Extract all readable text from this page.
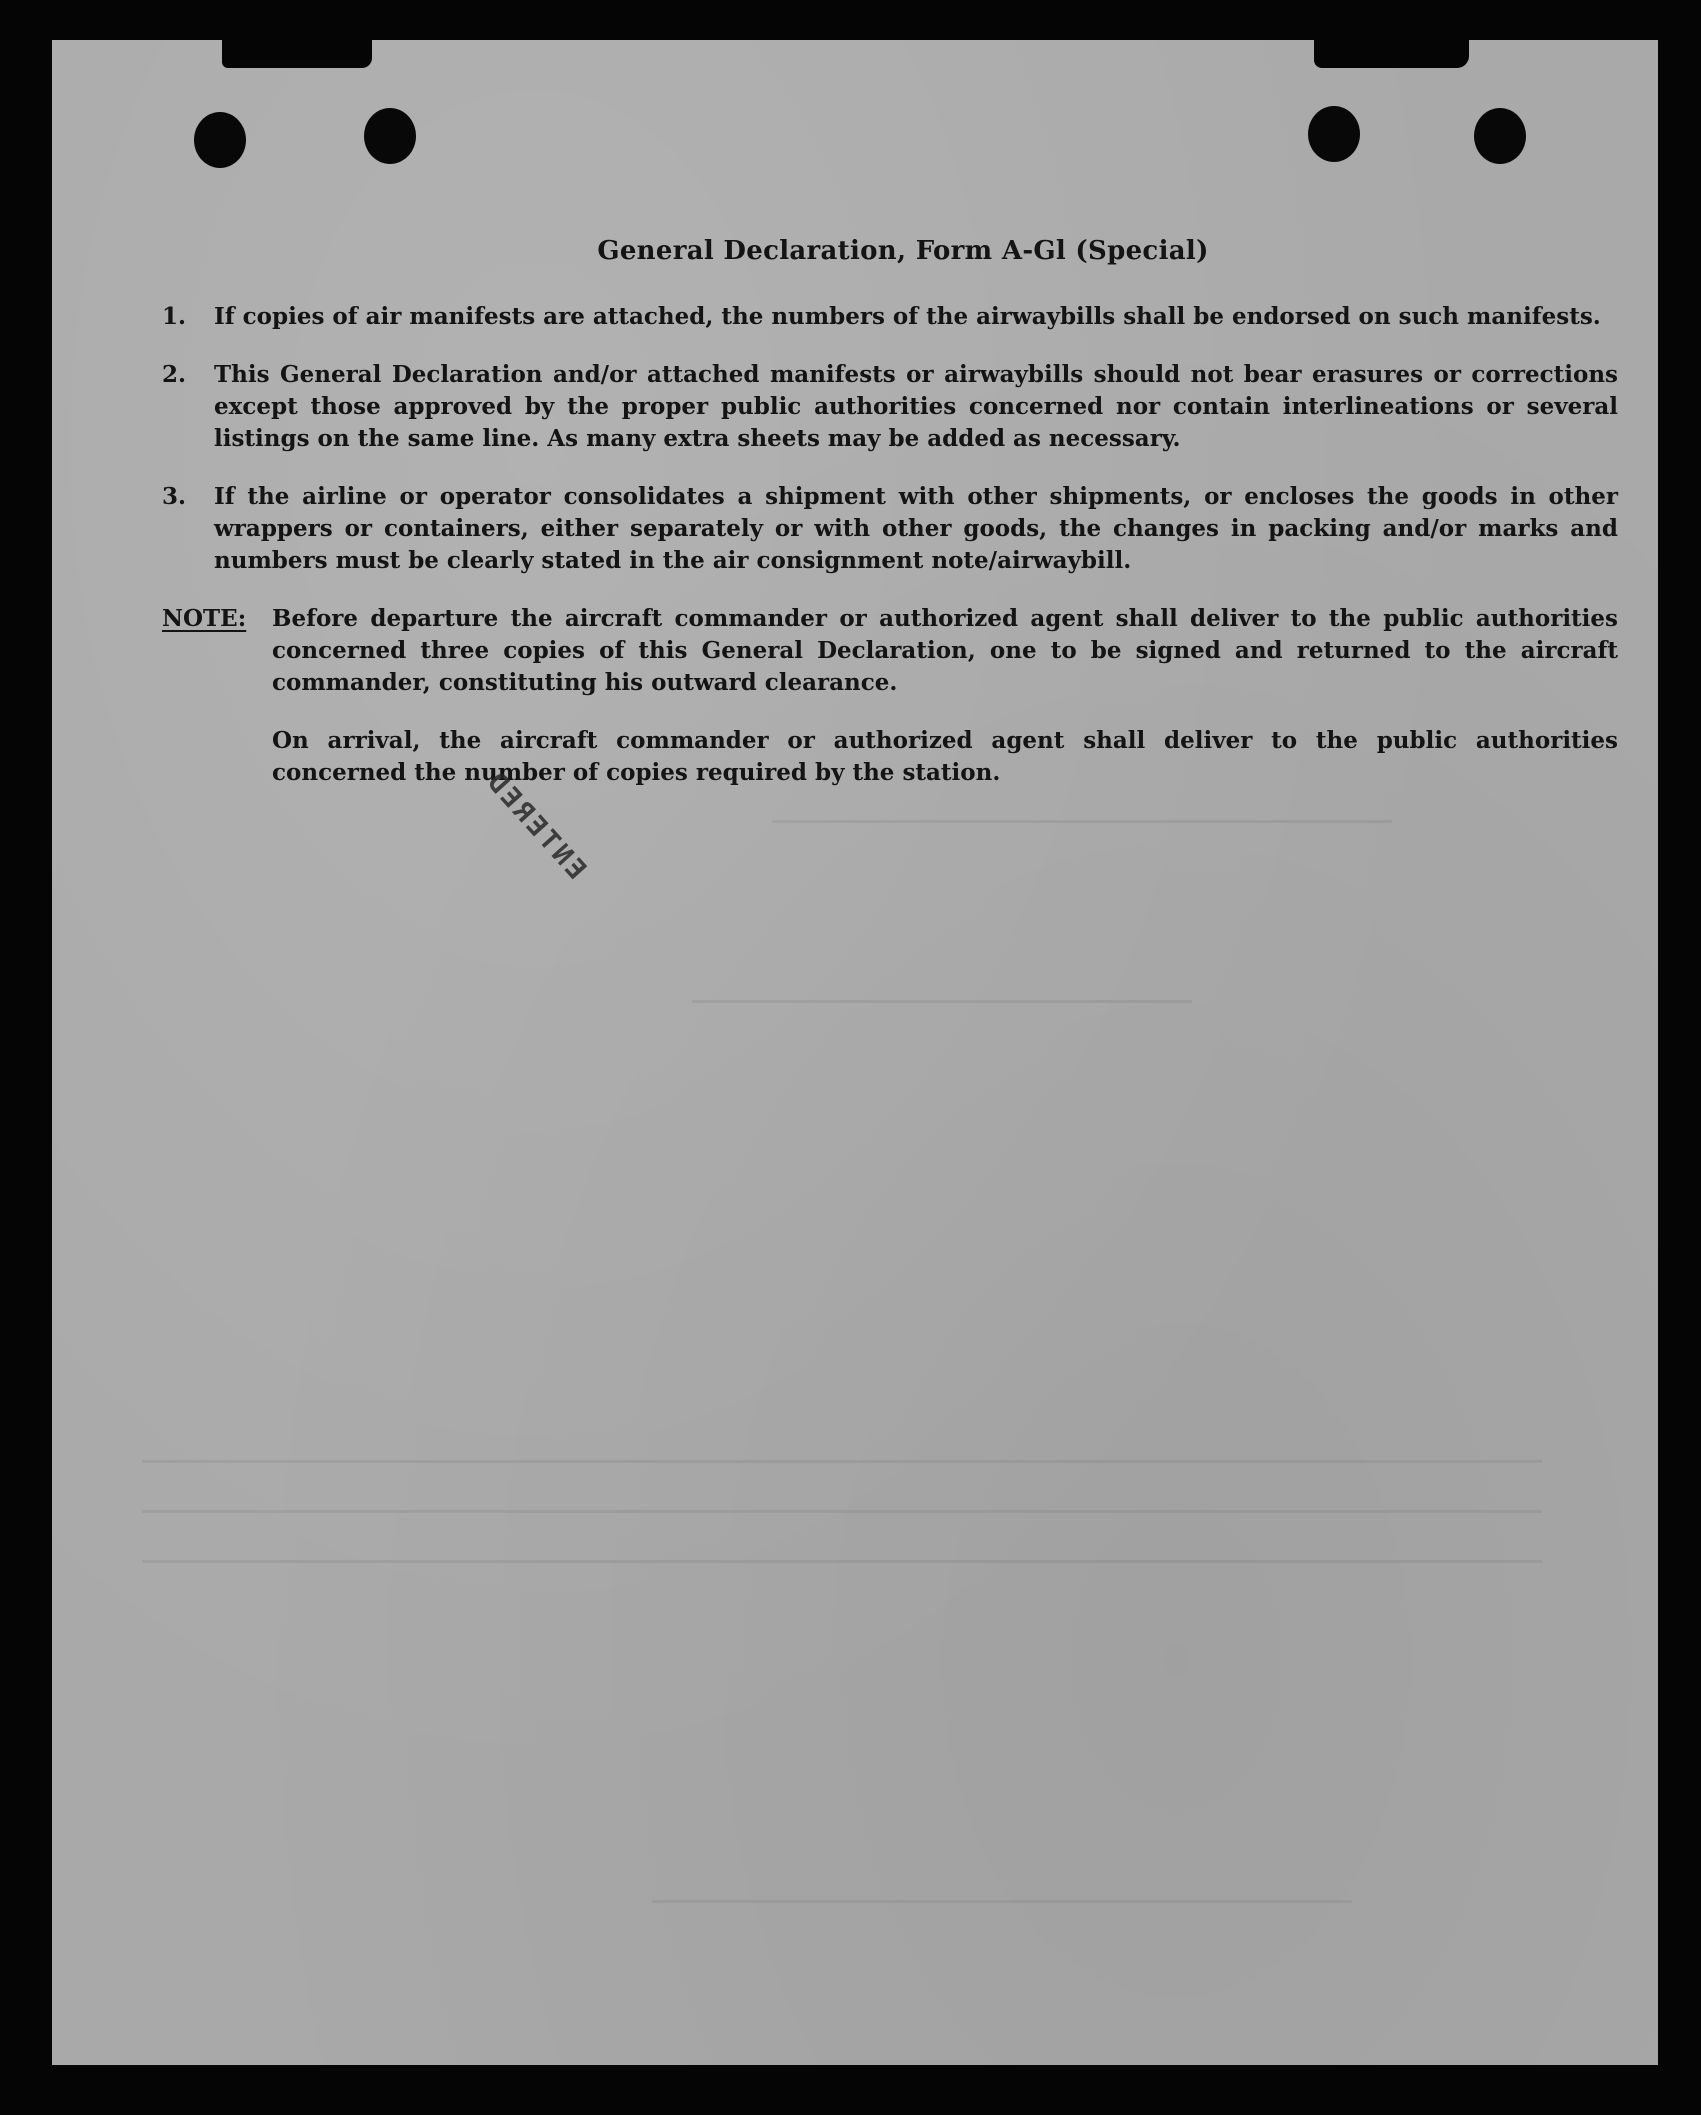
General Declaration, Form A-Gl (Special)
1.	If copies of air manifests are attached, the numbers of the airwaybills shall be endorsed on such manifests.
2.	This General Declaration and/or attached manifests or airwaybills should not bear erasures or corrections except those approved by the proper public authorities concerned nor contain interlineations or several listings on the same line. As many extra sheets may be added as necessary.
3.	If the airline or operator consolidates a shipment with other shipments, or encloses the goods in other wrappers or containers, either separately or with other goods, the changes in packing and/or marks and numbers must be clearly stated in the air consignment note/airwaybill.
NOTE:	Before departure the aircraft commander or authorized agent shall deliver to the public authorities concerned three copies of this General Declaration, one to be signed and returned to the aircraft commander, constituting his outward clearance.

On arrival, the aircraft commander or authorized agent shall deliver to the public authorities concerned the number of copies required by the station.

ENTERED
